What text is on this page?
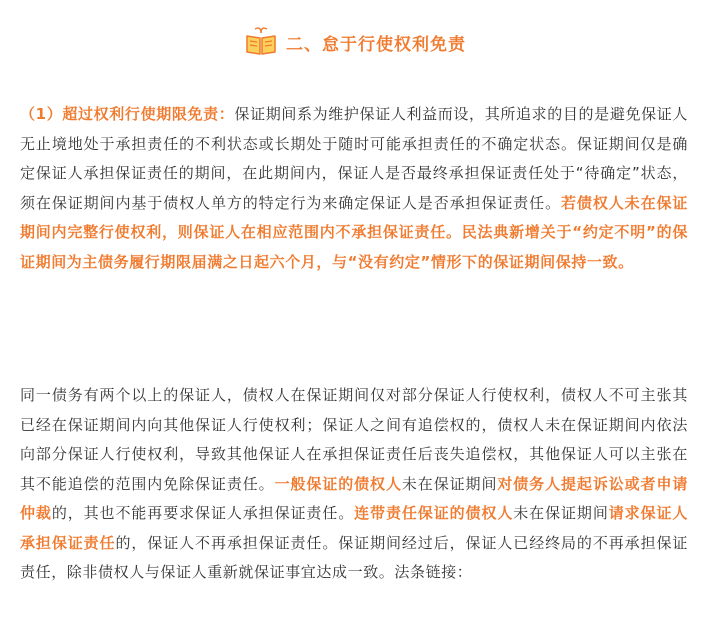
二、怠于行使权利免责
（1）超过权利行使期限免责：保证期间系为维护保证人利益而设，其所追求的目的是避免保证人无止境地处于承担责任的不利状态或长期处于随时可能承担责任的不确定状态。保证期间仅是确定保证人承担保证责任的期间，在此期间内，保证人是否最终承担保证责任处于“待确定”状态，须在保证期间内基于债权人单方的特定行为来确定保证人是否承担保证责任。若债权人未在保证期间内完整行使权利，则保证人在相应范围内不承担保证责任。民法典新增关于“约定不明”的保证期间为主债务履行期限届满之日起六个月，与“没有约定”情形下的保证期间保持一致。
同一债务有两个以上的保证人，债权人在保证期间仅对部分保证人行使权利，债权人不可主张其已经在保证期间内向其他保证人行使权利；保证人之间有追偿权的，债权人未在保证期间内依法向部分保证人行使权利，导致其他保证人在承担保证责任后丧失追偿权，其他保证人可以主张在其不能追偿的范围内免除保证责任。一般保证的债权人未在保证期间对债务人提起诉讼或者申请仲裁的，其也不能再要求保证人承担保证责任。连带责任保证的债权人未在保证期间请求保证人承担保证责任的，保证人不再承担保证责任。保证期间经过后，保证人已经终局的不再承担保证责任，除非债权人与保证人重新就保证事宜达成一致。法条链接：
